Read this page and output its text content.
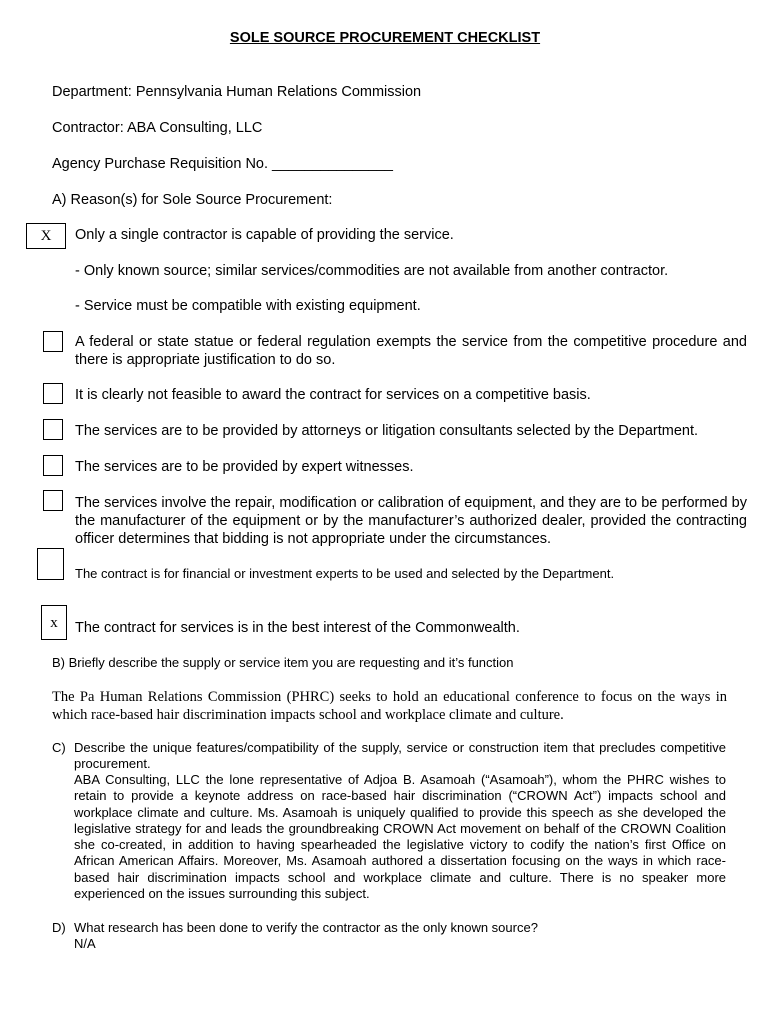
SOLE SOURCE PROCUREMENT CHECKLIST
Department: Pennsylvania Human Relations Commission
Contractor: ABA Consulting, LLC
Agency Purchase Requisition No. _______________
A) Reason(s) for Sole Source Procurement:
X	Only a single contractor is capable of providing the service.
- Only known source; similar services/commodities are not available from another contractor.
- Service must be compatible with existing equipment.
A federal or state statue or federal regulation exempts the service from the competitive procedure and there is appropriate justification to do so.
It is clearly not feasible to award the contract for services on a competitive basis.
The services are to be provided by attorneys or litigation consultants selected by the Department.
The services are to be provided by expert witnesses.
The services involve the repair, modification or calibration of equipment, and they are to be performed by the manufacturer of the equipment or by the manufacturer’s authorized dealer, provided the contracting officer determines that bidding is not appropriate under the circumstances.
The contract is for financial or investment experts to be used and selected by the Department.
x	The contract for services is in the best interest of the Commonwealth.
B) Briefly describe the supply or service item you are requesting and it’s function
The Pa Human Relations Commission (PHRC) seeks to hold an educational conference to focus on the ways in which race-based hair discrimination impacts school and workplace climate and culture.
C) Describe the unique features/compatibility of the supply, service or construction item that precludes competitive procurement.
ABA Consulting, LLC the lone representative of Adjoa B. Asamoah (“Asamoah”), whom the PHRC wishes to retain to provide a keynote address on race-based hair discrimination (“CROWN Act”) impacts school and workplace climate and culture. Ms. Asamoah is uniquely qualified to provide this speech as she developed the legislative strategy for and leads the groundbreaking CROWN Act movement on behalf of the CROWN Coalition she co-created, in addition to having spearheaded the legislative victory to codify the nation’s first Office on African American Affairs. Moreover, Ms. Asamoah authored a dissertation focusing on the ways in which race-based hair discrimination impacts school and workplace climate and culture. There is no speaker more experienced on the issues surrounding this subject.
D) What research has been done to verify the contractor as the only known source?
N/A
